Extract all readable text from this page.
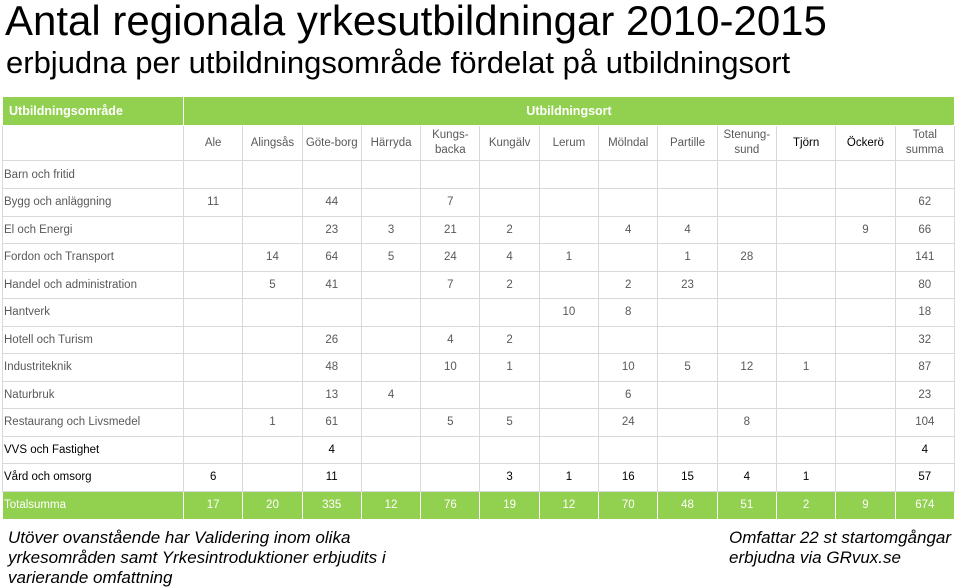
Antal regionala yrkesutbildningar 2010-2015
erbjudna per utbildningsområde fördelat på utbildningsort
Utbildningsområde	Utbildningsort												
	Ale	Alingsås	Göte-borg	Härryda	Kungs-backa	Kungälv	Lerum	Mölndal	Partille	Stenung-sund	Tjörn	Öckerö	Total summa
Barn och fritid													
Bygg och anläggning	11		44		7								62
El och Energi			23	3	21	2		4	4			9	66
Fordon och Transport		14	64	5	24	4	1		1	28			141
Handel och administration		5	41		7	2		2	23				80
Hantverk							10	8					18
Hotell och Turism			26		4	2							32
Industriteknik			48		10	1		10	5	12	1		87
Naturbruk			13	4				6					23
Restaurang och Livsmedel		1	61		5	5		24		8			104
VVS och Fastighet			4										4
Vård och omsorg	6		11			3	1	16	15	4	1		57
Totalsumma	17	20	335	12	76	19	12	70	48	51	2	9	674
Utöver ovanstående har Validering inom olika yrkesområden samt Yrkesintroduktioner erbjudits i varierande omfattning
Omfattar 22 st startomgångar erbjudna via GRvux.se
